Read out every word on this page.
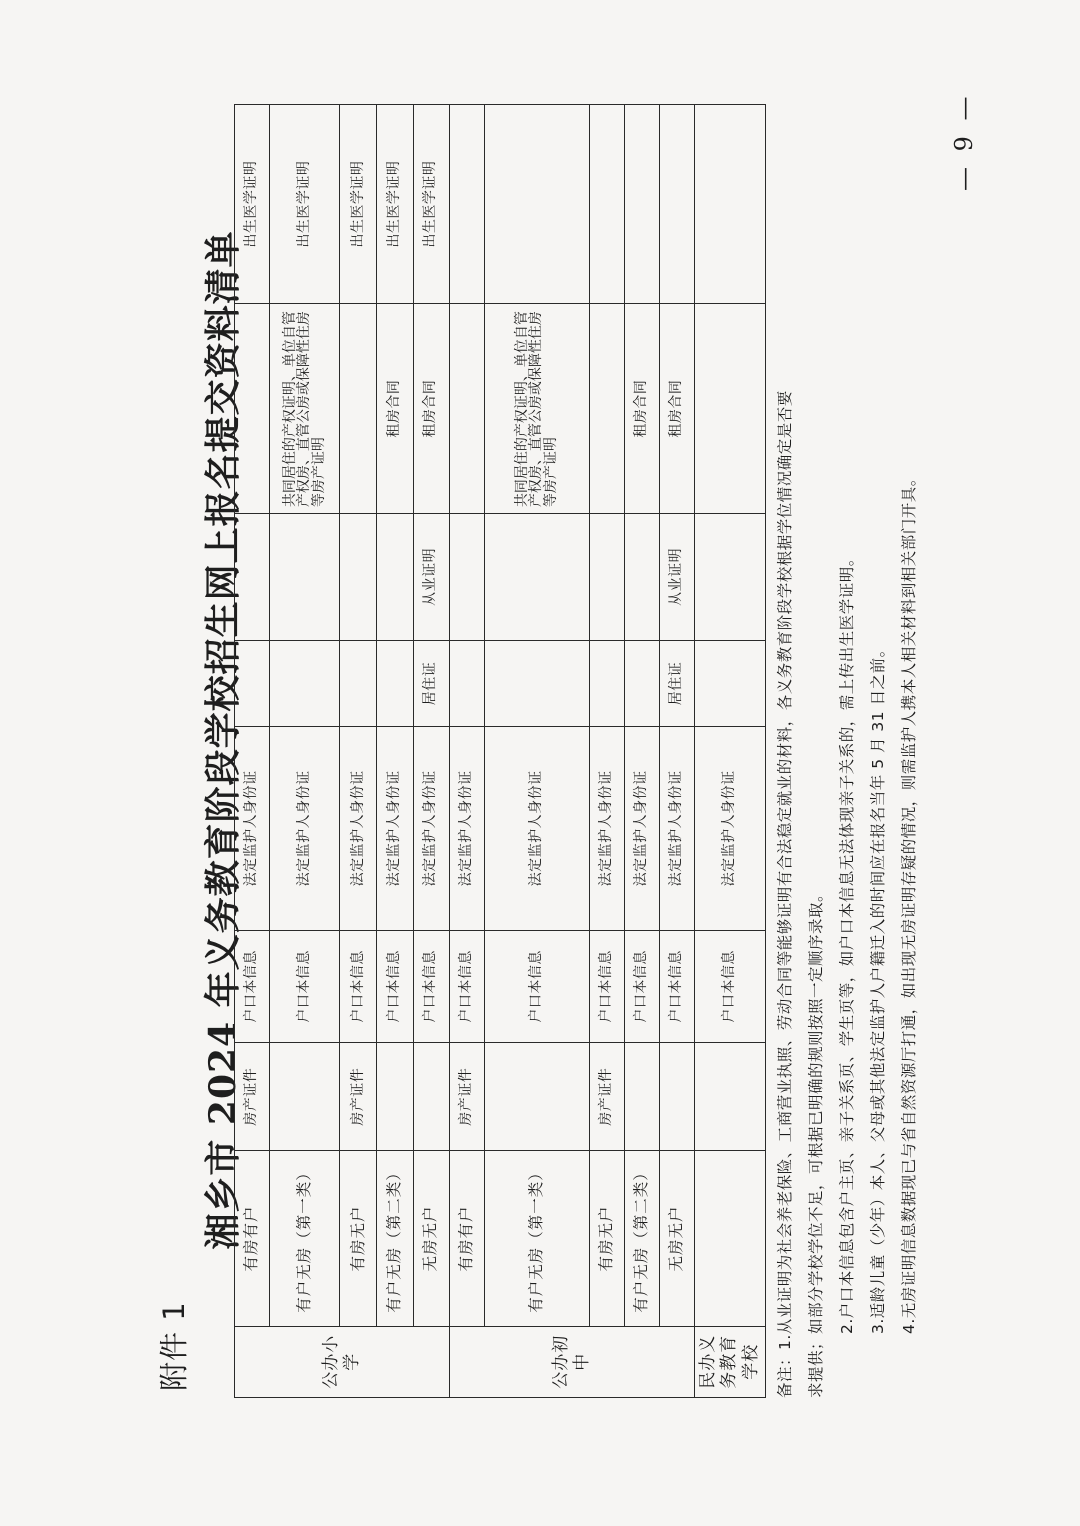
附件 1
湘乡市 2024 年义务教育阶段学校招生网上报名提交资料清单
公办小学	有房有户	房产证件	户口本信息	法定监护人身份证				出生医学证明
	有户无房（第一类）		户口本信息	法定监护人身份证			共同居住的产权证明、单位自管产权房、直管公房或保障性住房等房产证明	出生医学证明
	有房无户	房产证件	户口本信息	法定监护人身份证				出生医学证明
	有户无房（第二类）		户口本信息	法定监护人身份证			租房合同	出生医学证明
	无房无户		户口本信息	法定监护人身份证	居住证	从业证明	租房合同	出生医学证明
公办初中	有房有户	房产证件	户口本信息	法定监护人身份证				
	有户无房（第一类）		户口本信息	法定监护人身份证			共同居住的产权证明、单位自管产权房、直管公房或保障性住房等房产证明	
	有房无户	房产证件	户口本信息	法定监护人身份证				
	有户无房（第二类）		户口本信息	法定监护人身份证			租房合同	
	无房无户		户口本信息	法定监护人身份证	居住证	从业证明	租房合同	
民办义务教育学校			户口本信息	法定监护人身份证					备注：1.从业证明为社会养老保险、工商营业执照、劳动合同等能够证明有合法稳定就业的材料，各义务教育阶段学校根据学位情况确定是否要 求提供；如部分学校学位不足，可根据已明确的规则按照一定顺序录取。 2.户口本信息包含户主页、亲子关系页、学生页等，如户口本信息无法体现亲子关系的，需上传出生医学证明。 3.适龄儿童（少年）本人、父母或其他法定监护人户籍迁入的时间应在报名当年 5 月 31 日之前。 4.无房证明信息数据现已与省自然资源厅打通，如出现无房证明存疑的情况，则需监护人携本人相关材料到相关部门开具。
— 9 —
